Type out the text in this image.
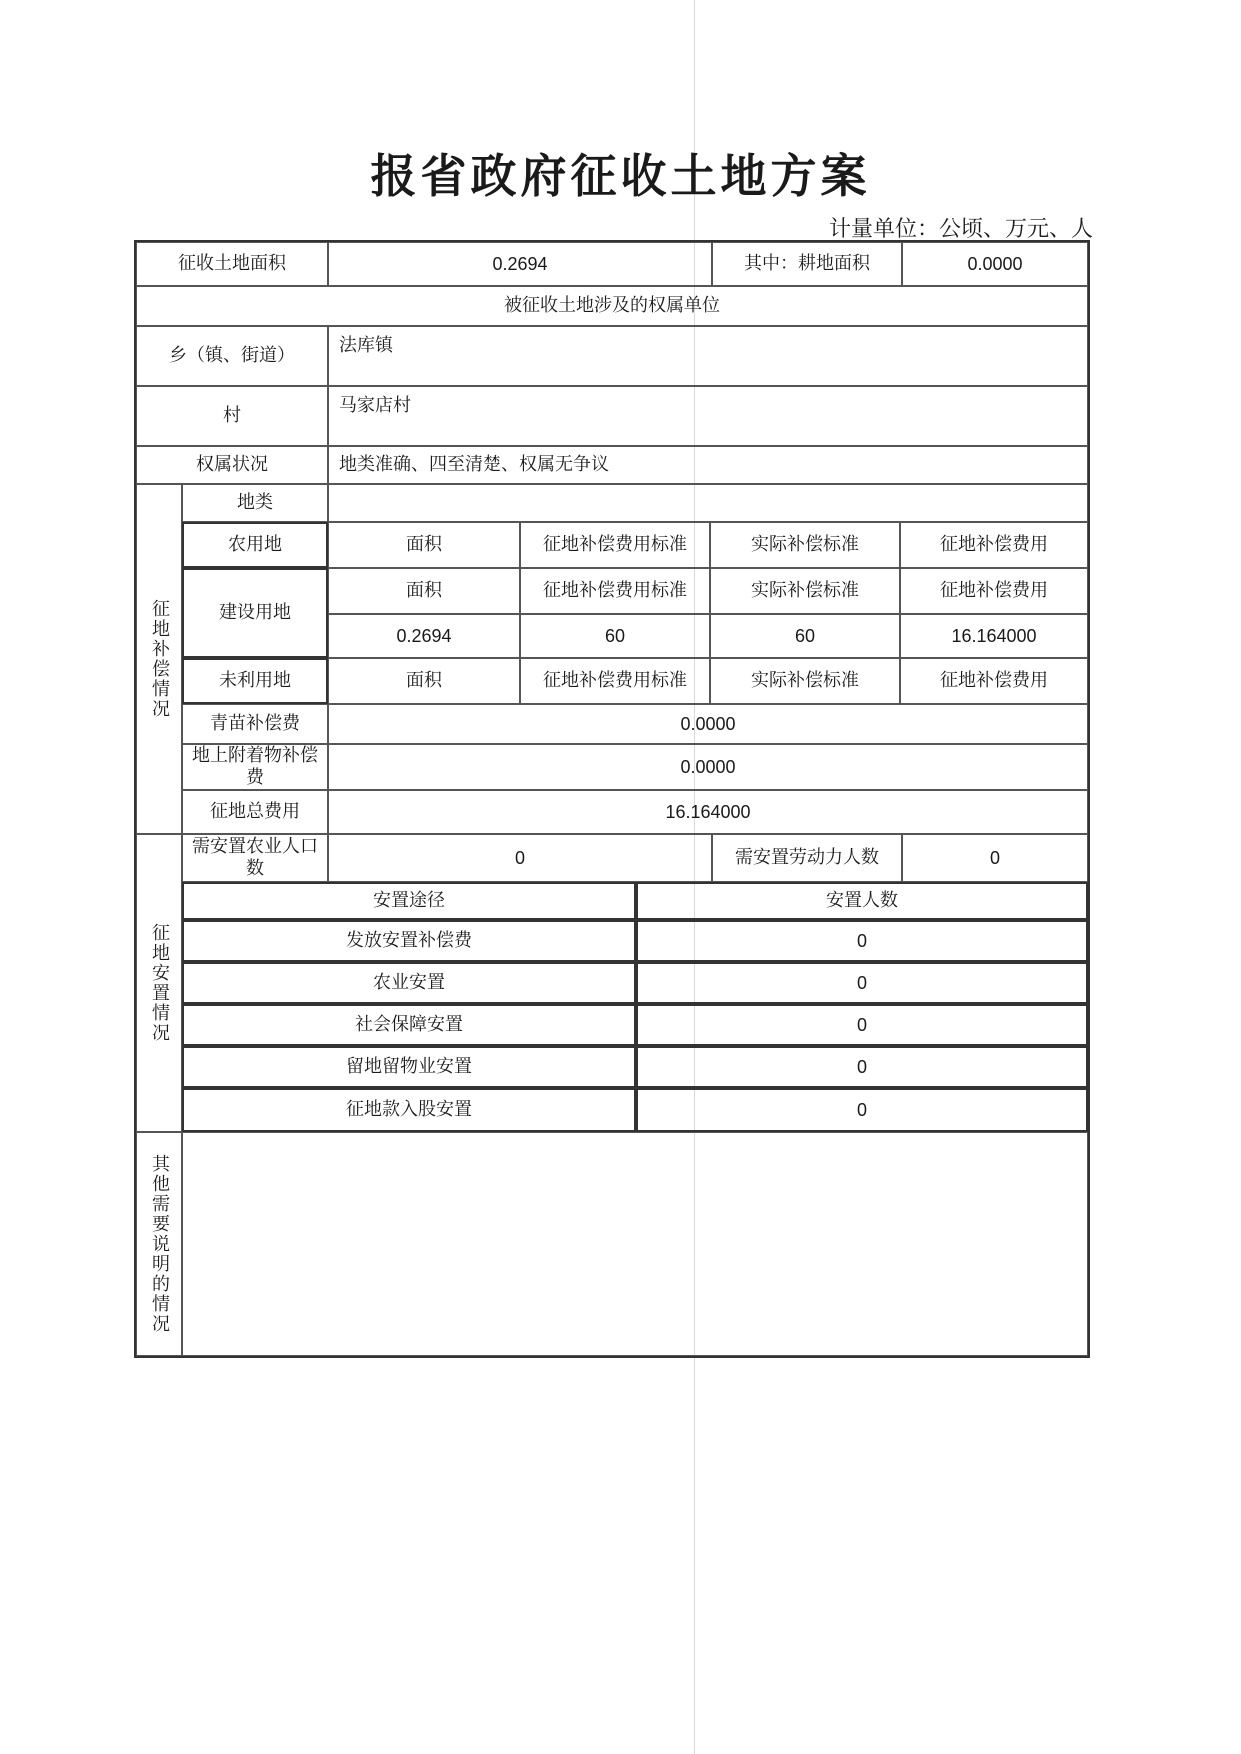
报省政府征收土地方案
计量单位：公顷、万元、人
征收土地面积	0.2694	其中：耕地面积	0.0000
被征收土地涉及的权属单位
乡（镇、街道）	法库镇
村	马家店村
权属状况	地类准确、四至清楚、权属无争议
征地补偿情况
地类
农用地	面积	征地补偿费用标准	实际补偿标准	征地补偿费用
建设用地
面积	征地补偿费用标准	实际补偿标准	征地补偿费用
0.2694	60	60	16.164000
未利用地	面积	征地补偿费用标准	实际补偿标准	征地补偿费用
青苗补偿费	0.0000
地上附着物补偿费	0.0000
征地总费用	16.164000
征地安置情况
需安置农业人口数	0	需安置劳动力人数	0
安置途径	安置人数
发放安置补偿费	0
农业安置	0
社会保障安置	0
留地留物业安置	0
征地款入股安置	0
其他需要说明的情况
